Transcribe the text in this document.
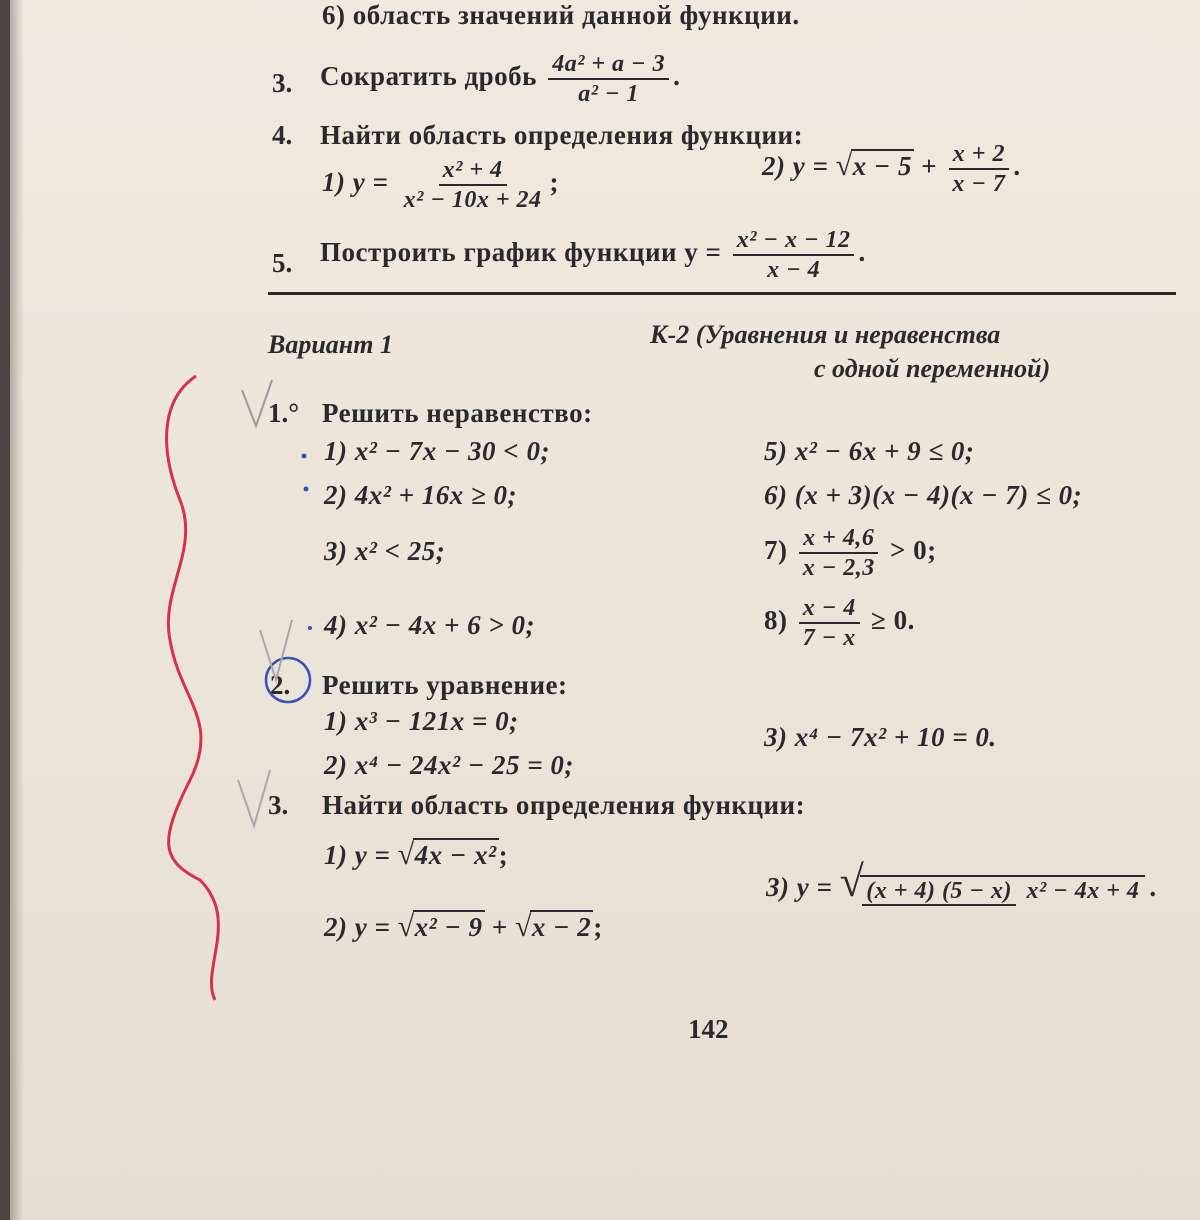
6) область значений данной функции.
3. Сократить дробь $\frac{\text{4a² + a − 3}}{\text{a² − 1}}$ .
4. Найти область определения функции:
1) $y = \frac{\text{x² + 4}}{\text{x² − 10x + 24}}$ ;
2) $y = √x - 5 + \frac{x + 2}{x - 7}$ .
5. Построить график функции $y = \frac{\text{x² − x − 12}}{x - 4}$ .
Вариант 1	К-2 (Уравнения и неравенства
с одной переменной)
1.° Решить неравенство:
1) x² − 7x − 30 < 0;
2) 4x² + 16x ≥ 0;
3) x² < 25;
4) x² − 4x + 6 > 0;
5) x² − 6x + 9 ≤ 0;
6) (x + 3)(x − 4)(x − 7) ≤ 0;
$7) \frac{x + 4,6}{x - 2,3} > 0$;
$8) \frac{x - 4}{7 - x} \ge 0$.
2. Решить уравнение:
1) x³ − 121x = 0;
2) x⁴ − 24x² − 25 = 0;
3) x⁴ − 7x² + 10 = 0.
3. Найти область определения функции:
1) y = √4x − x²;
2) y = √x² − 9 + √x − 2;
3) y = √(x + 4) (5 − x) x² − 4x + 4 .
142
